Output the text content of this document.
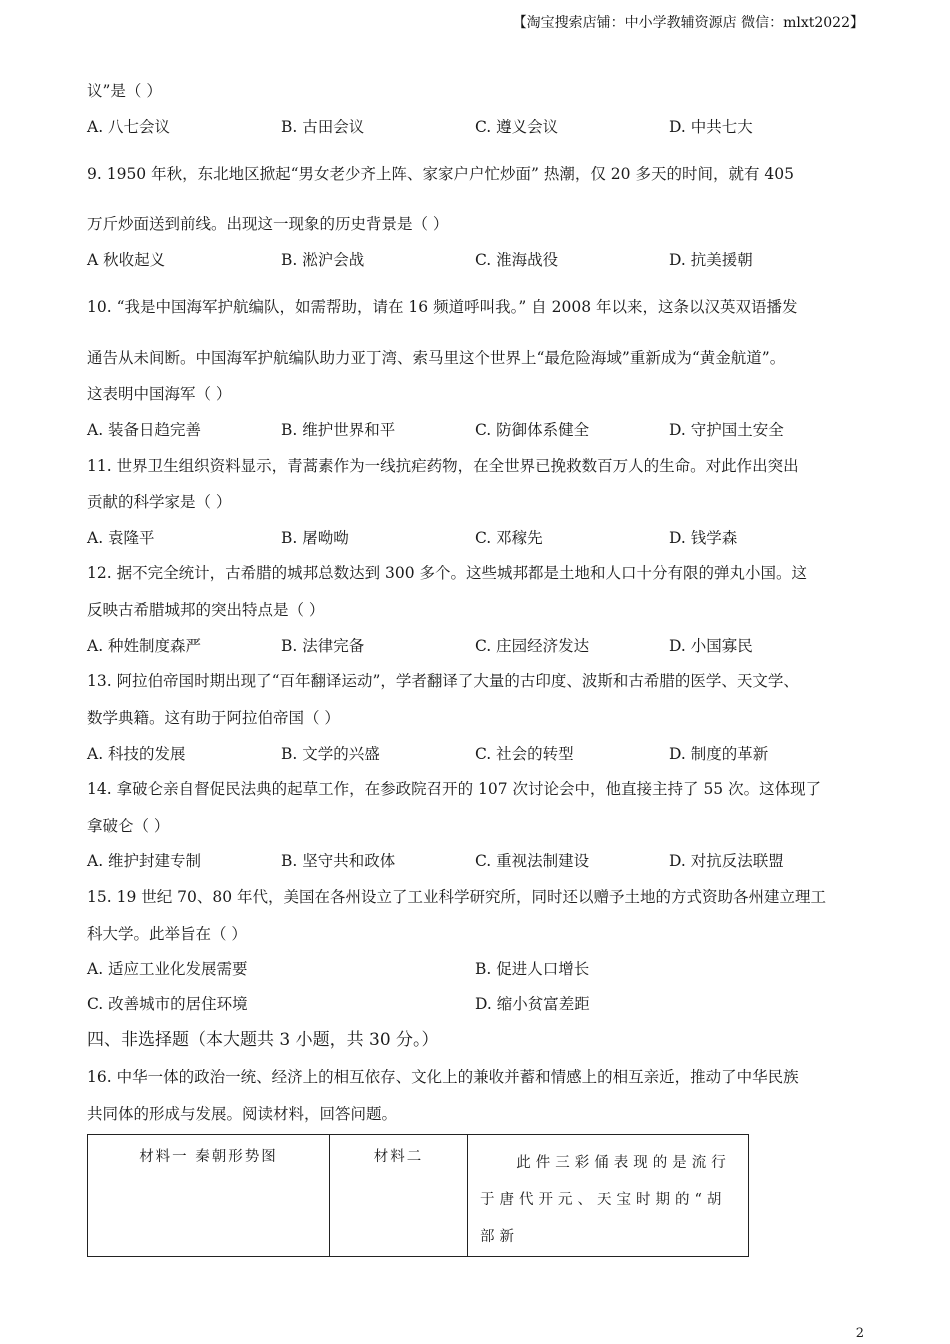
【淘宝搜索店铺：中小学教辅资源店 微信：mlxt2022】
议”是（ ）
A. 八七会议	B. 古田会议	C. 遵义会议	D. 中共七大
9. 1950 年秋，东北地区掀起“男女老少齐上阵、家家户户忙炒面” 热潮，仅 20 多天的时间，就有 405
万斤炒面送到前线。出现这一现象的历史背景是（ ）
A 秋收起义	B. 淞沪会战	C. 淮海战役	D. 抗美援朝
10. “我是中国海军护航编队，如需帮助，请在 16 频道呼叫我。” 自 2008 年以来，这条以汉英双语播发
通告从未间断。中国海军护航编队助力亚丁湾、索马里这个世界上“最危险海域”重新成为“黄金航道”。
这表明中国海军（ ）
A. 装备日趋完善	B. 维护世界和平	C. 防御体系健全	D. 守护国土安全
11. 世界卫生组织资料显示，青蒿素作为一线抗疟药物，在全世界已挽救数百万人的生命。对此作出突出
贡献的科学家是（ ）
A. 袁隆平	B. 屠呦呦	C. 邓稼先	D. 钱学森
12. 据不完全统计，古希腊的城邦总数达到 300 多个。这些城邦都是土地和人口十分有限的弹丸小国。这
反映古希腊城邦的突出特点是（ ）
A. 种姓制度森严	B. 法律完备	C. 庄园经济发达	D. 小国寡民
13. 阿拉伯帝国时期出现了“百年翻译运动”，学者翻译了大量的古印度、波斯和古希腊的医学、天文学、
数学典籍。这有助于阿拉伯帝国（ ）
A. 科技的发展	B. 文学的兴盛	C. 社会的转型	D. 制度的革新
14. 拿破仑亲自督促民法典的起草工作，在参政院召开的 107 次讨论会中，他直接主持了 55 次。这体现了
拿破仑（ ）
A. 维护封建专制	B. 坚守共和政体	C. 重视法制建设	D. 对抗反法联盟
15. 19 世纪 70、80 年代，美国在各州设立了工业科学研究所，同时还以赠予土地的方式资助各州建立理工
科大学。此举旨在（ ）
A. 适应工业化发展需要	B. 促进人口增长
C. 改善城市的居住环境	D. 缩小贫富差距
四、非选择题（本大题共 3 小题，共 30 分。）
16. 中华一体的政治一统、经济上的相互依存、文化上的兼收并蓄和情感上的相互亲近，推动了中华民族
共同体的形成与发展。阅读材料，回答问题。
材料一 秦朝形势图	材料二	此件三彩俑表现的是流行于唐代开元、天宝时期的“胡部新
2
